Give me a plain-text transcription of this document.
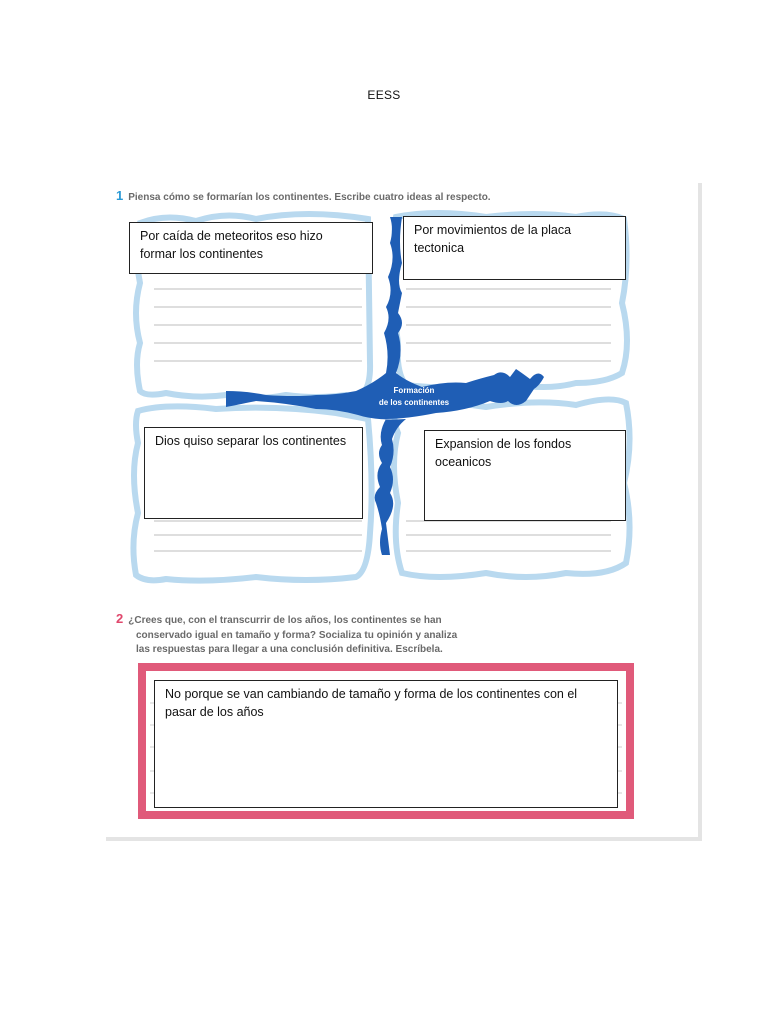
EESS
1 Piensa cómo se formarían los continentes. Escribe cuatro ideas al respecto.
Formación
de los continentes
2 ¿Crees que, con el transcurrir de los años, los continentes se han
conservado igual en tamaño y forma? Socializa tu opinión y analiza
las respuestas para llegar a una conclusión definitiva. Escríbela.
Por caída de meteoritos eso hizo formar los continentes
Por movimientos de la placa tectonica
Dios quiso separar los continentes	Expansion de los fondos oceanicos
No porque se van cambiando de tamaño y forma de los continentes con el pasar de los años
